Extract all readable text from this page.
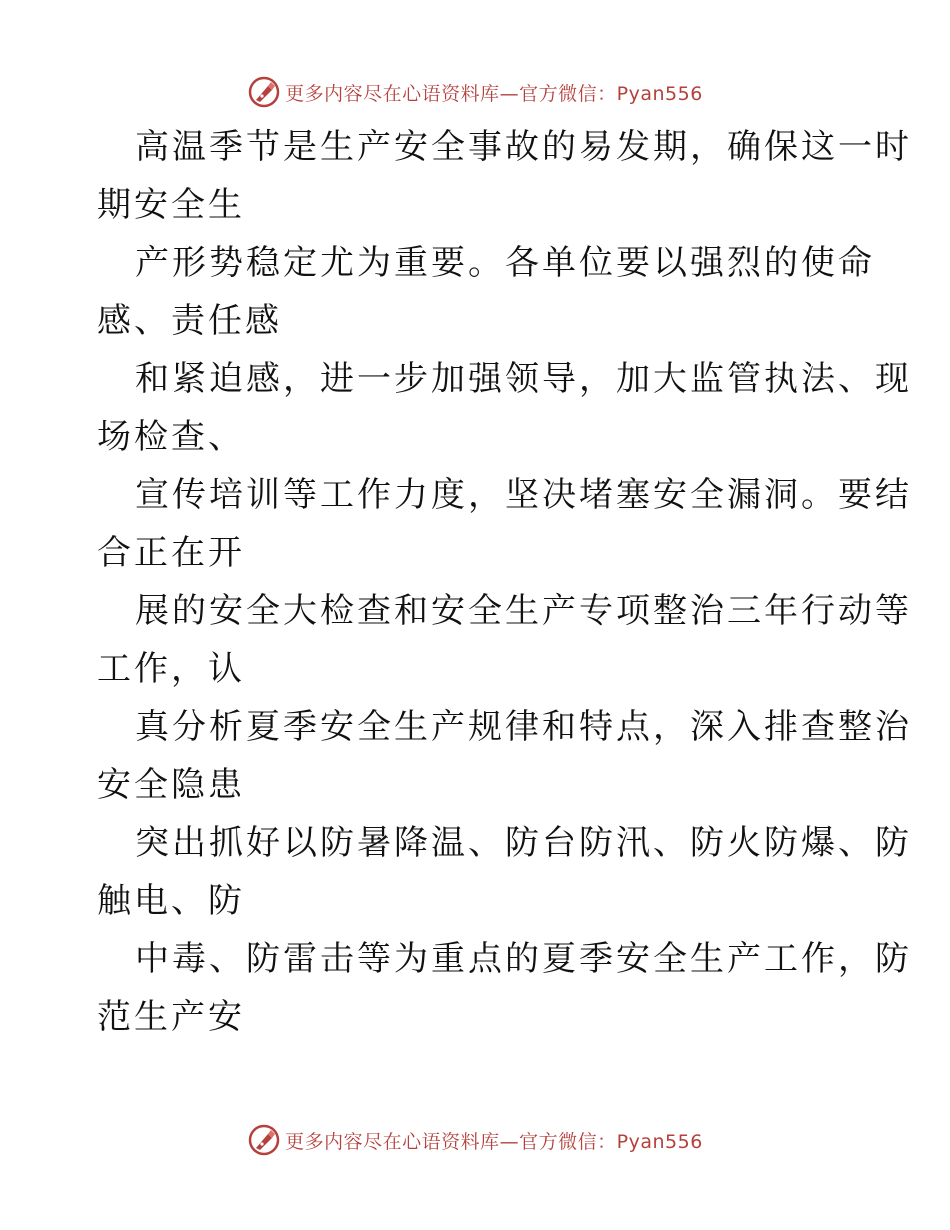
更多内容尽在心语资料库—官方微信：Pyan556

高温季节是生产安全事故的易发期，确保这一时
期安全生

产形势稳定尤为重要。各单位要以强烈的使命
感、责任感

和紧迫感，进一步加强领导，加大监管执法、现
场检查、

宣传培训等工作力度，坚决堵塞安全漏洞。要结
合正在开

展的安全大检查和安全生产专项整治三年行动等
工作，认

真分析夏季安全生产规律和特点，深入排查整治
安全隐患

突出抓好以防暑降温、防台防汛、防火防爆、防
触电、防

中毒、防雷击等为重点的夏季安全生产工作，防
范生产安

更多内容尽在心语资料库—官方微信：Pyan556
